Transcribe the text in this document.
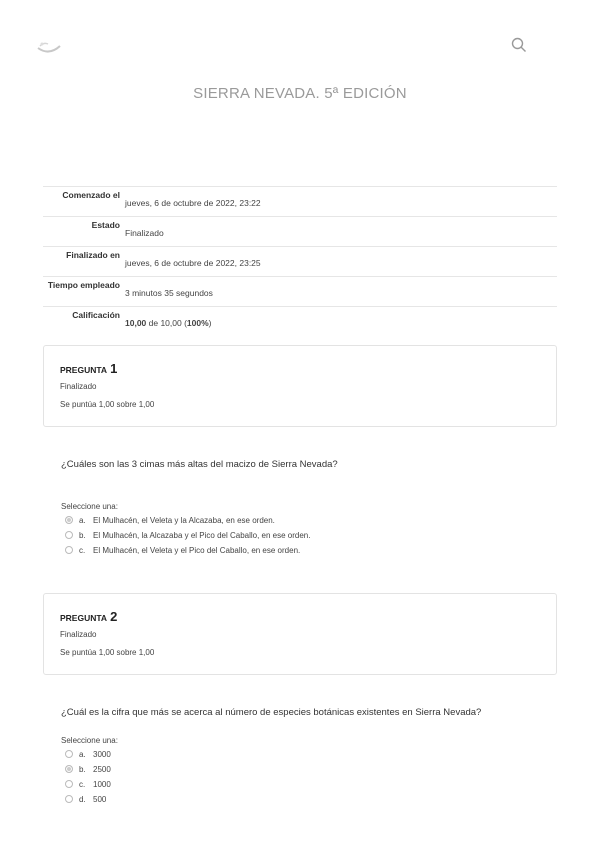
SIERRA NEVADA. 5ª EDICIÓN
Comenzado el
jueves, 6 de octubre de 2022, 23:22
Estado
Finalizado
Finalizado en
jueves, 6 de octubre de 2022, 23:25
Tiempo empleado
3 minutos 35 segundos
Calificación
10,00 de 10,00 (100%)
PREGUNTA 1
Finalizado
Se puntúa 1,00 sobre 1,00
¿Cuáles son las 3 cimas más altas del macizo de Sierra Nevada?
Seleccione una:
a. El Mulhacén, el Veleta y la Alcazaba, en ese orden.
b. El Mulhacén, la Alcazaba y el Pico del Caballo, en ese orden.
c. El Mulhacén, el Veleta y el Pico del Caballo, en ese orden.
PREGUNTA 2
Finalizado
Se puntúa 1,00 sobre 1,00
¿Cuál es la cifra que más se acerca al número de especies botánicas existentes en Sierra Nevada?
Seleccione una:
a. 3000
b. 2500
c. 1000
d. 500
